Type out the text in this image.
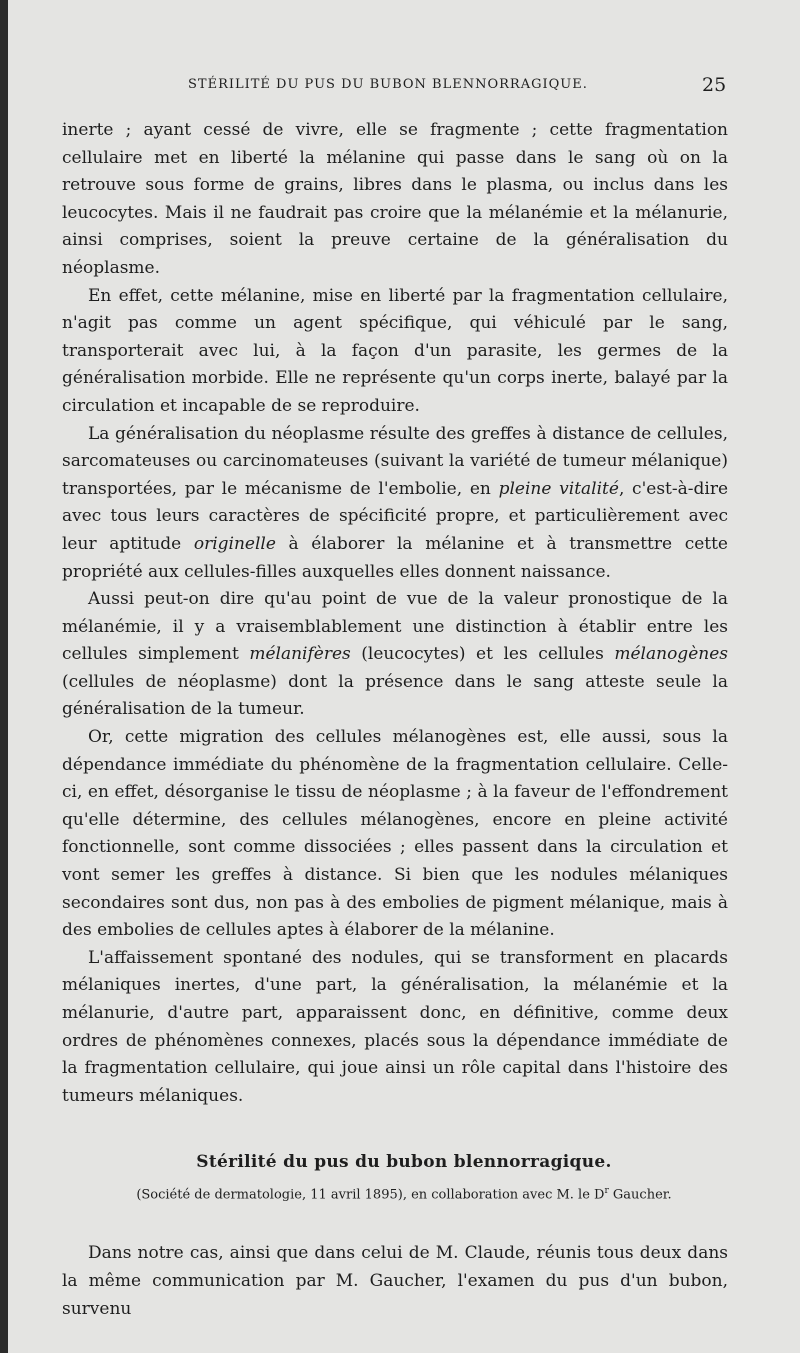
STÉRILITÉ DU PUS DU BUBON BLENNORRAGIQUE.	25

inerte ; ayant cessé de vivre, elle se fragmente ; cette fragmentation cellulaire met en liberté la mélanine qui passe dans le sang où on la retrouve sous forme de grains, libres dans le plasma, ou inclus dans les leucocytes. Mais il ne faudrait pas croire que la mélanémie et la mélanurie, ainsi comprises, soient la preuve certaine de la généralisation du néoplasme.

En effet, cette mélanine, mise en liberté par la fragmentation cellulaire, n'agit pas comme un agent spécifique, qui véhiculé par le sang, transporterait avec lui, à la façon d'un parasite, les germes de la généralisation morbide. Elle ne représente qu'un corps inerte, balayé par la circulation et incapable de se reproduire.

La généralisation du néoplasme résulte des greffes à distance de cellules, sarcomateuses ou carcinomateuses (suivant la variété de tumeur mélanique) transportées, par le mécanisme de l'embolie, en pleine vitalité, c'est-à-dire avec tous leurs caractères de spécificité propre, et particulièrement avec leur aptitude originelle à élaborer la mélanine et à transmettre cette propriété aux cellules-filles auxquelles elles donnent naissance.

Aussi peut-on dire qu'au point de vue de la valeur pronostique de la mélanémie, il y a vraisemblablement une distinction à établir entre les cellules simplement mélanifères (leucocytes) et les cellules mélanogènes (cellules de néoplasme) dont la présence dans le sang atteste seule la généralisation de la tumeur.

Or, cette migration des cellules mélanogènes est, elle aussi, sous la dépendance immédiate du phénomène de la fragmentation cellulaire. Celle-ci, en effet, désorganise le tissu de néoplasme ; à la faveur de l'effondrement qu'elle détermine, des cellules mélanogènes, encore en pleine activité fonctionnelle, sont comme dissociées ; elles passent dans la circulation et vont semer les greffes à distance. Si bien que les nodules mélaniques secondaires sont dus, non pas à des embolies de pigment mélanique, mais à des embolies de cellules aptes à élaborer de la mélanine.

L'affaissement spontané des nodules, qui se transforment en placards mélaniques inertes, d'une part, la généralisation, la mélanémie et la mélanurie, d'autre part, apparaissent donc, en définitive, comme deux ordres de phénomènes connexes, placés sous la dépendance immédiate de la fragmentation cellulaire, qui joue ainsi un rôle capital dans l'histoire des tumeurs mélaniques.

Stérilité du pus du bubon blennorragique.
(Société de dermatologie, 11 avril 1895), en collaboration avec M. le $D^r$ Gaucher.

Dans notre cas, ainsi que dans celui de M. Claude, réunis tous deux dans la même communication par M. Gaucher, l'examen du pus d'un bubon, survenu
